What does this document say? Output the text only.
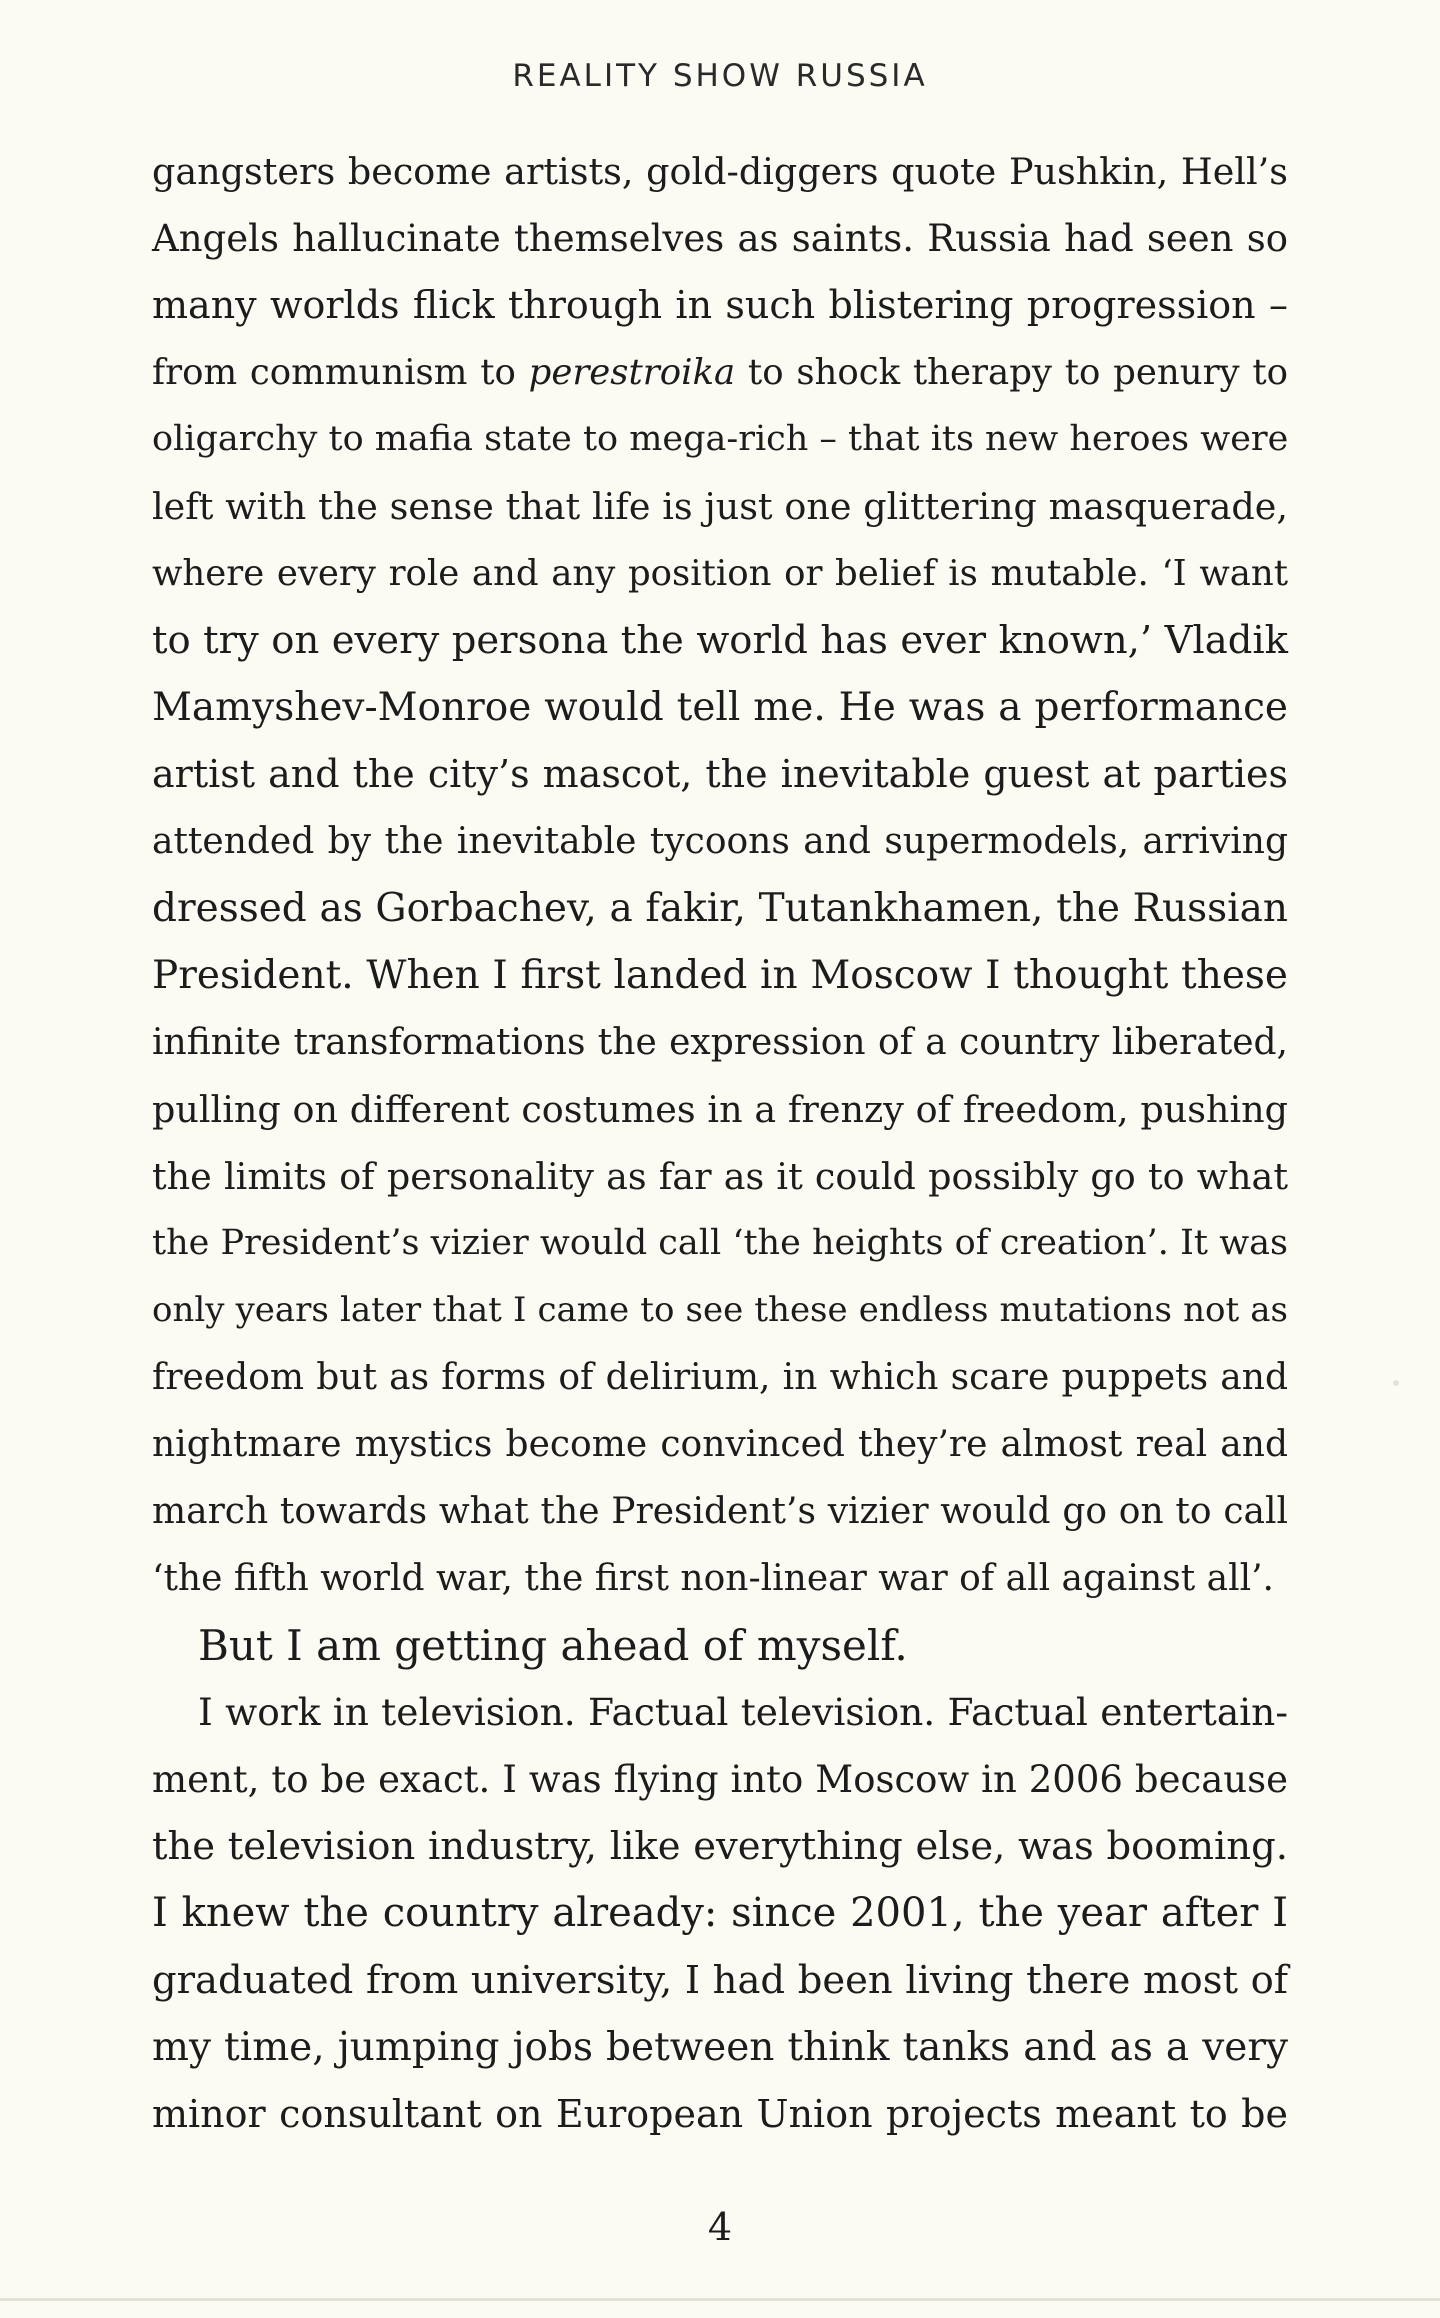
REALITY SHOW RUSSIA
gangsters become artists, gold-diggers quote Pushkin, Hell’s
Angels hallucinate themselves as saints. Russia had seen so
many worlds flick through in such blistering progression –
from communism to perestroika to shock therapy to penury to
oligarchy to mafia state to mega-rich – that its new heroes were
left with the sense that life is just one glittering masquerade,
where every role and any position or belief is mutable. ‘I want
to try on every persona the world has ever known,’ Vladik
Mamyshev-Monroe would tell me. He was a performance
artist and the city’s mascot, the inevitable guest at parties
attended by the inevitable tycoons and supermodels, arriving
dressed as Gorbachev, a fakir, Tutankhamen, the Russian
President. When I first landed in Moscow I thought these
infinite transformations the expression of a country liberated,
pulling on different costumes in a frenzy of freedom, pushing
the limits of personality as far as it could possibly go to what
the President’s vizier would call ‘the heights of creation’. It was
only years later that I came to see these endless mutations not as
freedom but as forms of delirium, in which scare puppets and
nightmare mystics become convinced they’re almost real and
march towards what the President’s vizier would go on to call
‘the fifth world war, the first non-linear war of all against all’.
But I am getting ahead of myself.
I work in television. Factual television. Factual entertain-
ment, to be exact. I was flying into Moscow in 2006 because
the television industry, like everything else, was booming.
I knew the country already: since 2001, the year after I
graduated from university, I had been living there most of
my time, jumping jobs between think tanks and as a very
minor consultant on European Union projects meant to be
4
